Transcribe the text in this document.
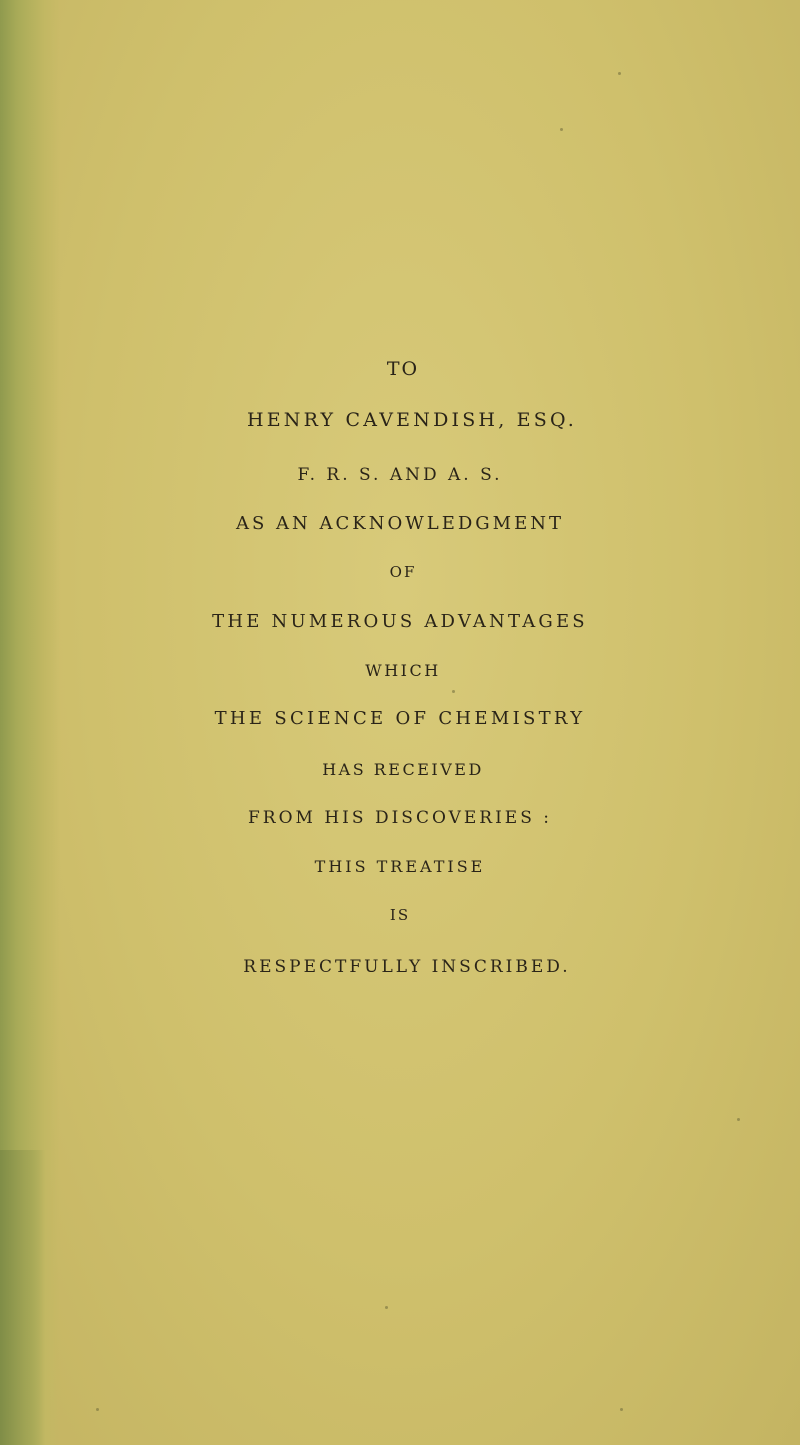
TO
HENRY CAVENDISH, ESQ.
F. R. S. AND A. S.
AS AN ACKNOWLEDGMENT
OF
THE NUMEROUS ADVANTAGES
WHICH
THE SCIENCE OF CHEMISTRY
HAS RECEIVED
FROM HIS DISCOVERIES :
THIS TREATISE
IS
RESPECTFULLY INSCRIBED.
